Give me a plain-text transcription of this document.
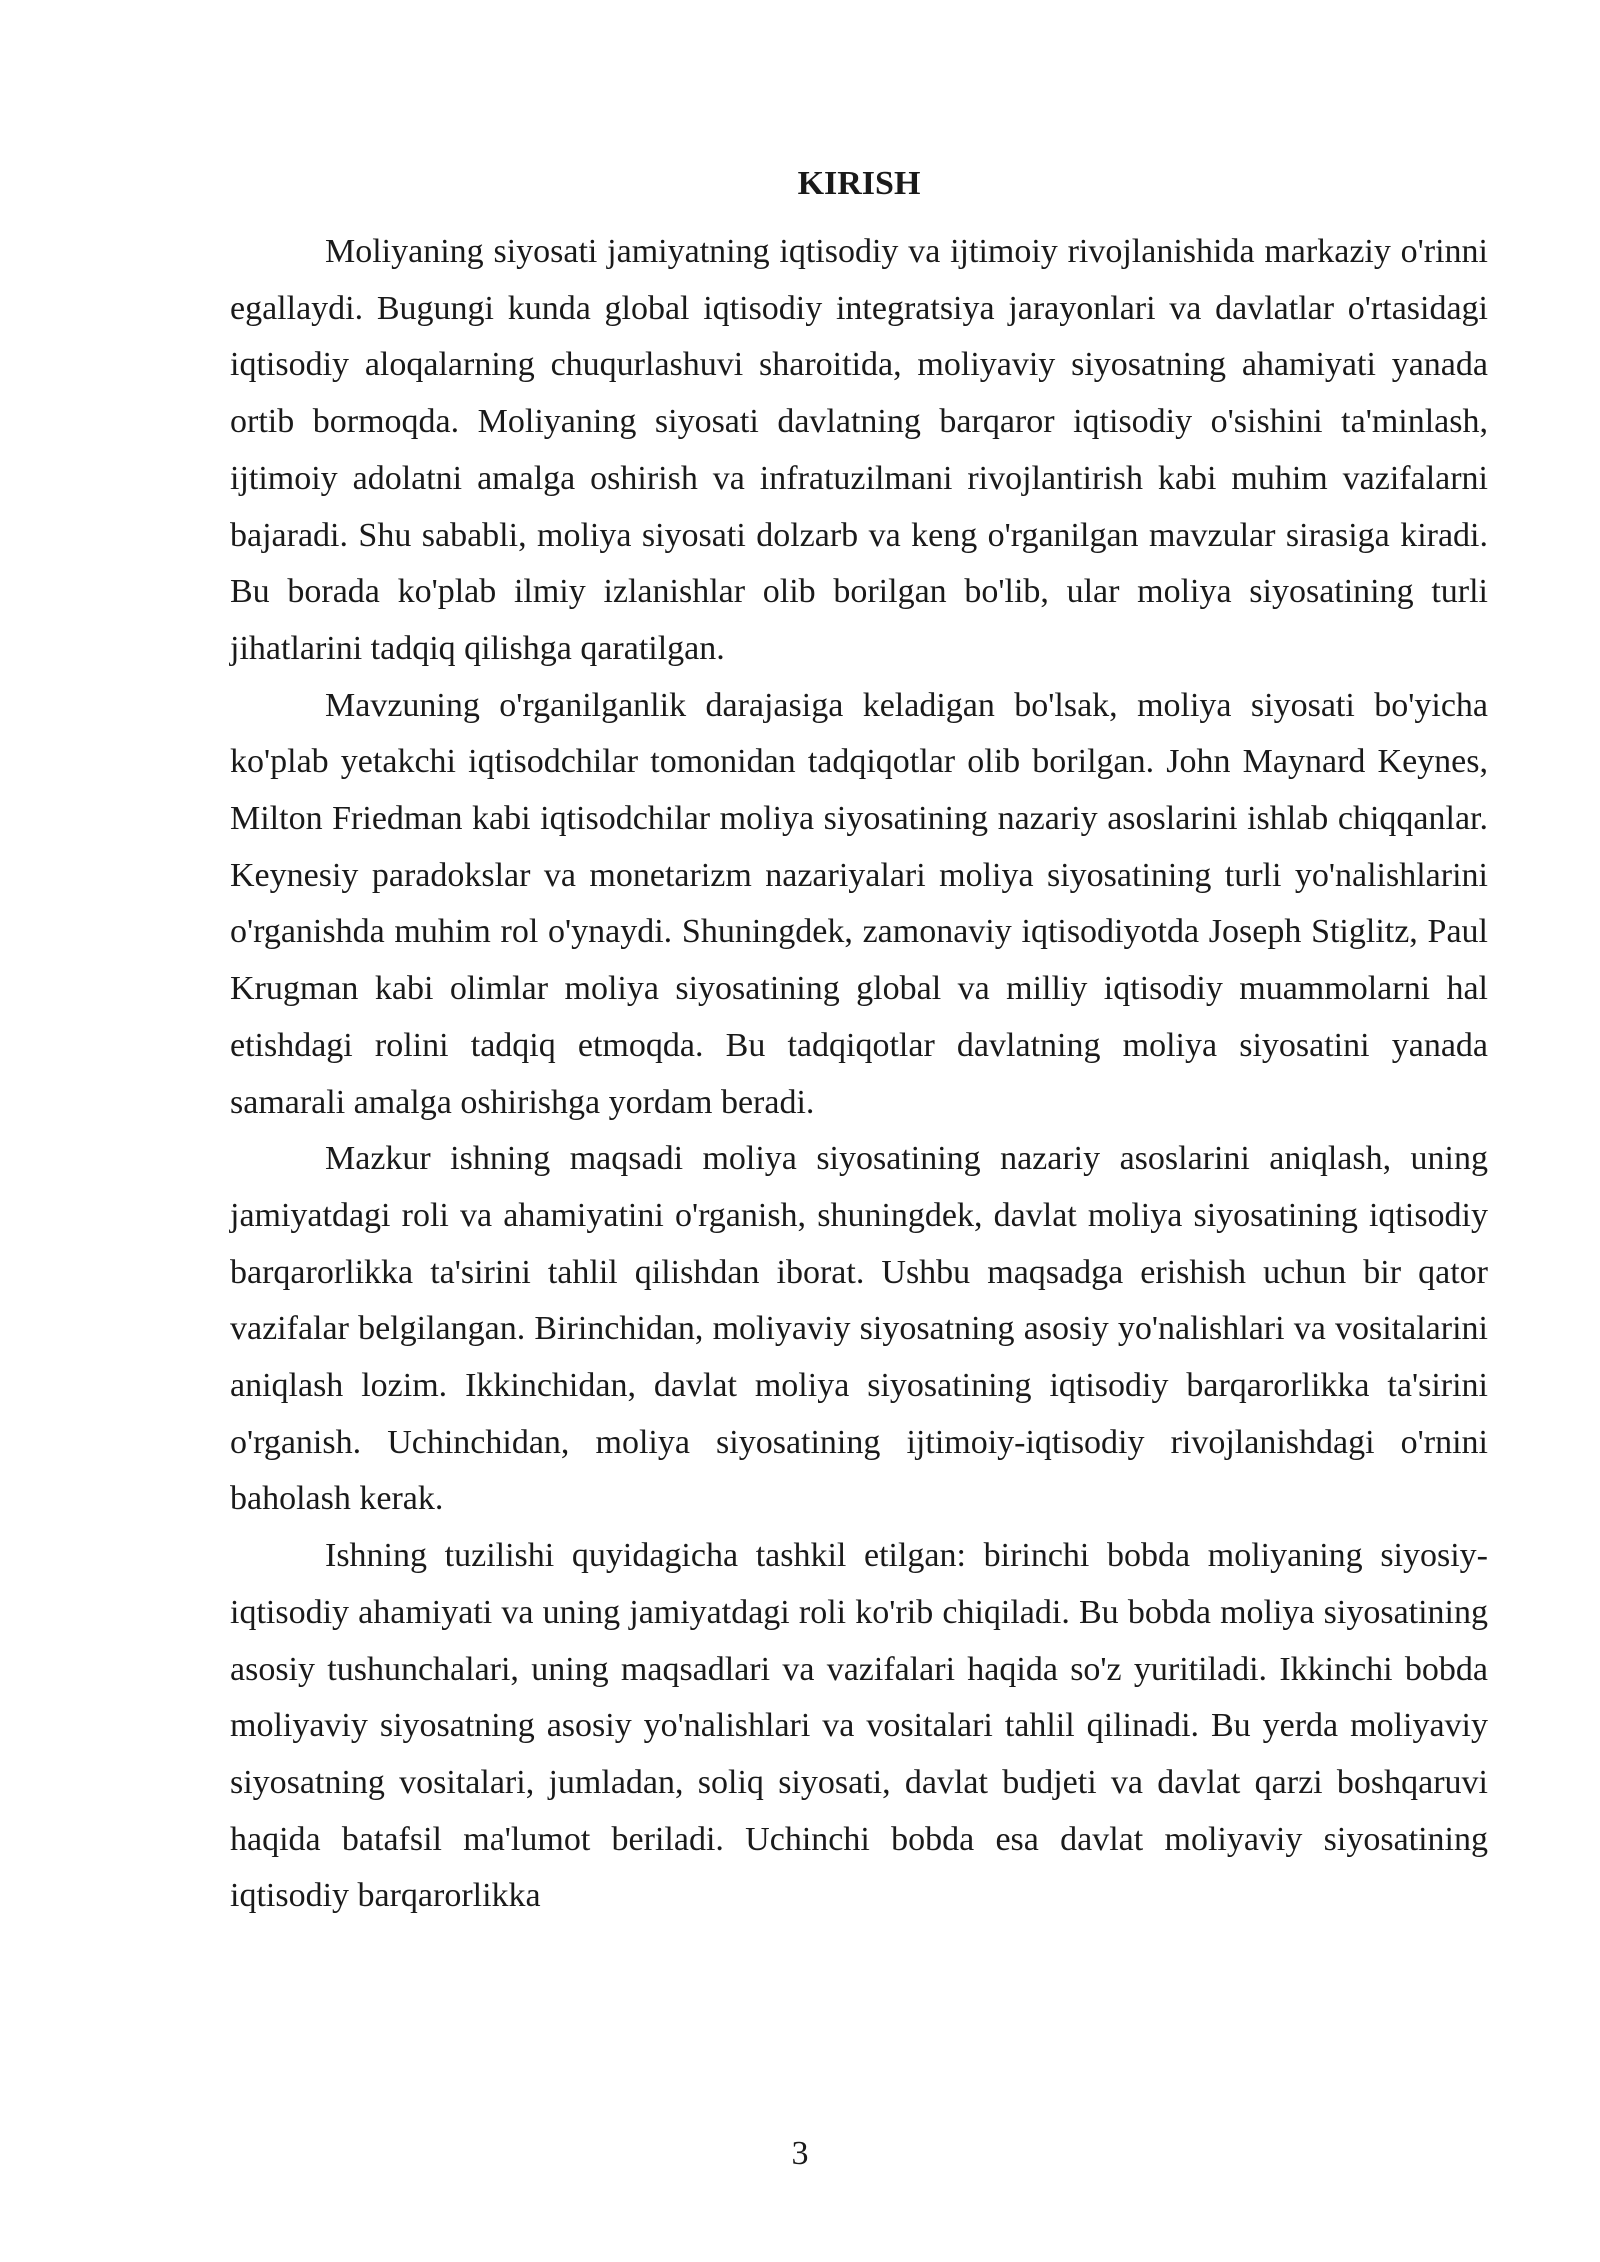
KIRISH

Moliyaning siyosati jamiyatning iqtisodiy va ijtimoiy rivojlanishida markaziy o'rinni egallaydi. Bugungi kunda global iqtisodiy integratsiya jarayonlari va davlatlar o'rtasidagi iqtisodiy aloqalarning chuqurlashuvi sharoitida, moliyaviy siyosatning ahamiyati yanada ortib bormoqda. Moliyaning siyosati davlatning barqaror iqtisodiy o'sishini ta'minlash, ijtimoiy adolatni amalga oshirish va infratuzilmani rivojlantirish kabi muhim vazifalarni bajaradi. Shu sababli, moliya siyosati dolzarb va keng o'rganilgan mavzular sirasiga kiradi. Bu borada ko'plab ilmiy izlanishlar olib borilgan bo'lib, ular moliya siyosatining turli jihatlarini tadqiq qilishga qaratilgan.

Mavzuning o'rganilganlik darajasiga keladigan bo'lsak, moliya siyosati bo'yicha ko'plab yetakchi iqtisodchilar tomonidan tadqiqotlar olib borilgan. John Maynard Keynes, Milton Friedman kabi iqtisodchilar moliya siyosatining nazariy asoslarini ishlab chiqqanlar. Keynesiy paradokslar va monetarizm nazariyalari moliya siyosatining turli yo'nalishlarini o'rganishda muhim rol o'ynaydi. Shuningdek, zamonaviy iqtisodiyotda Joseph Stiglitz, Paul Krugman kabi olimlar moliya siyosatining global va milliy iqtisodiy muammolarni hal etishdagi rolini tadqiq etmoqda. Bu tadqiqotlar davlatning moliya siyosatini yanada samarali amalga oshirishga yordam beradi.

Mazkur ishning maqsadi moliya siyosatining nazariy asoslarini aniqlash, uning jamiyatdagi roli va ahamiyatini o'rganish, shuningdek, davlat moliya siyosatining iqtisodiy barqarorlikka ta'sirini tahlil qilishdan iborat. Ushbu maqsadga erishish uchun bir qator vazifalar belgilangan. Birinchidan, moliyaviy siyosatning asosiy yo'nalishlari va vositalarini aniqlash lozim. Ikkinchidan, davlat moliya siyosatining iqtisodiy barqarorlikka ta'sirini o'rganish. Uchinchidan, moliya siyosatining ijtimoiy-iqtisodiy rivojlanishdagi o'rnini baholash kerak.

Ishning tuzilishi quyidagicha tashkil etilgan: birinchi bobda moliyaning siyosiy-iqtisodiy ahamiyati va uning jamiyatdagi roli ko'rib chiqiladi. Bu bobda moliya siyosatining asosiy tushunchalari, uning maqsadlari va vazifalari haqida so'z yuritiladi. Ikkinchi bobda moliyaviy siyosatning asosiy yo'nalishlari va vositalari tahlil qilinadi. Bu yerda moliyaviy siyosatning vositalari, jumladan, soliq siyosati, davlat budjeti va davlat qarzi boshqaruvi haqida batafsil ma'lumot beriladi. Uchinchi bobda esa davlat moliyaviy siyosatining iqtisodiy barqarorlikka

3
